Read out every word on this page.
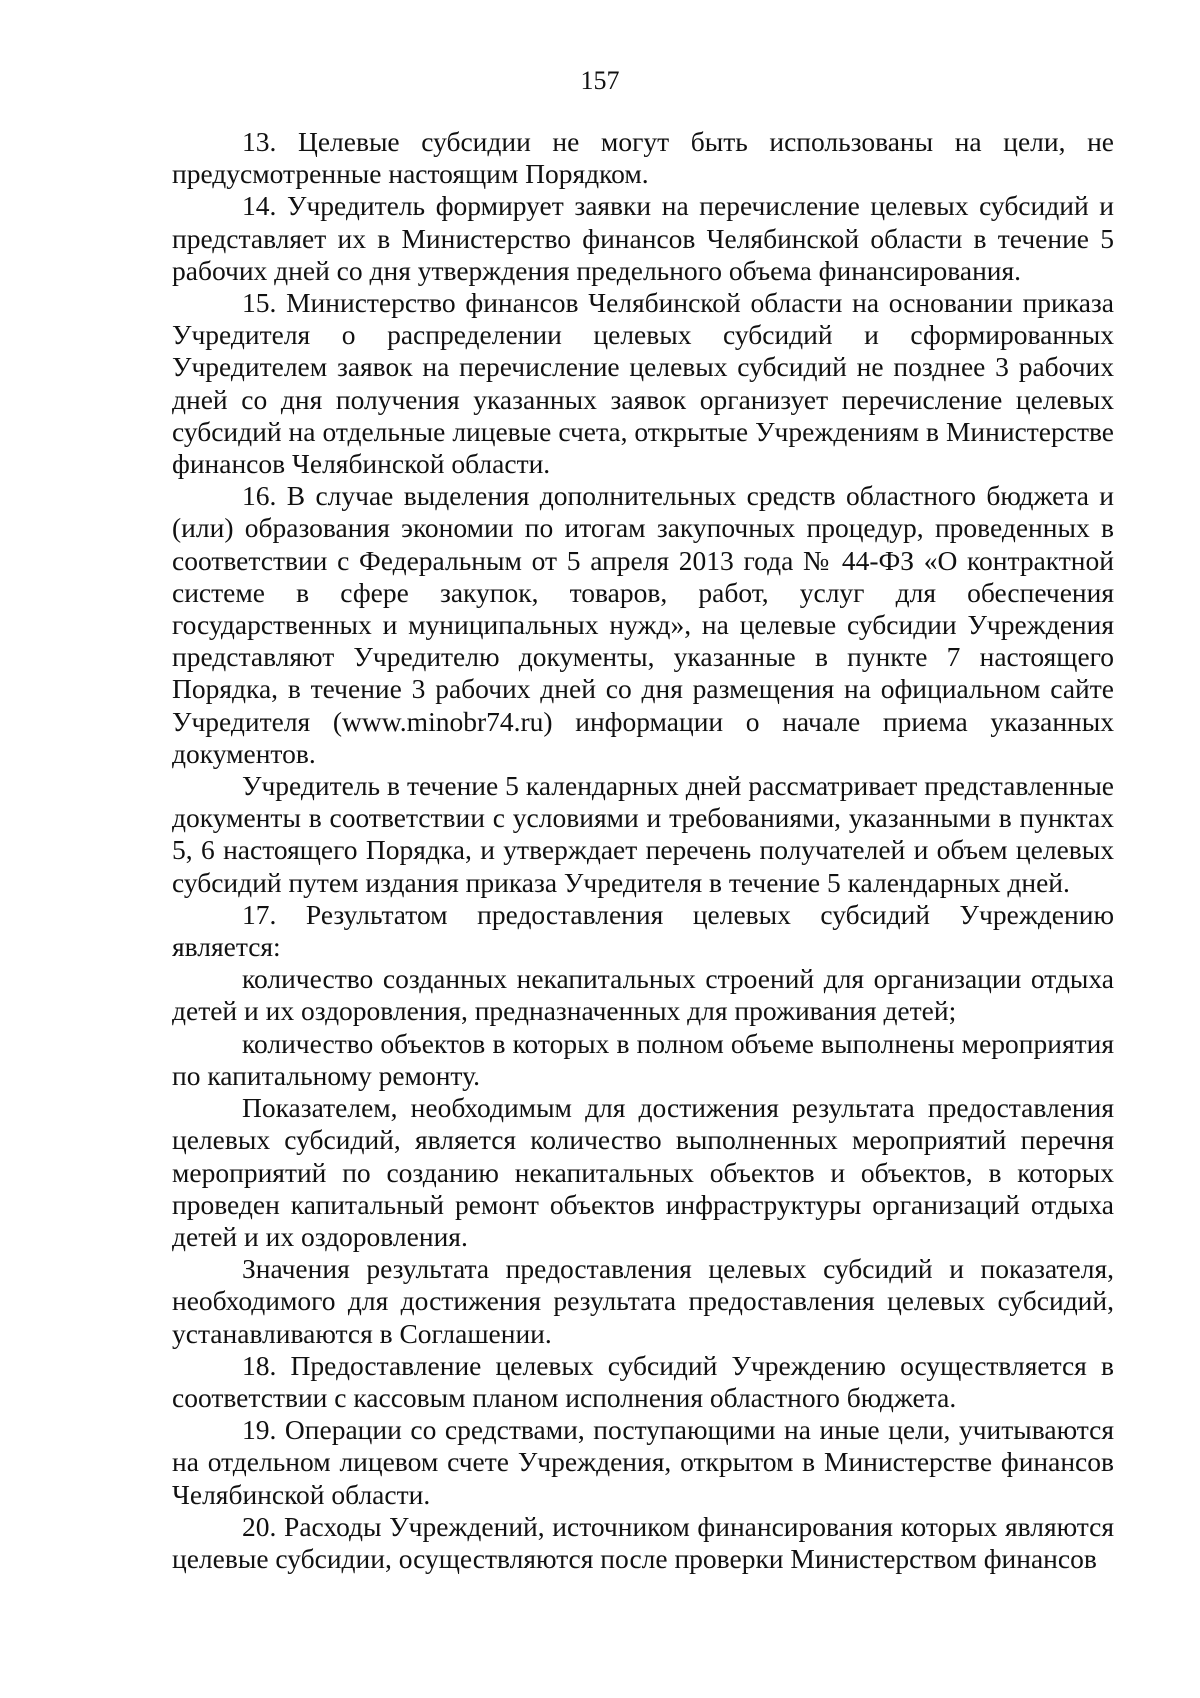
157

13. Целевые субсидии не могут быть использованы на цели, не предусмотренные настоящим Порядком.

14. Учредитель формирует заявки на перечисление целевых субсидий и представляет их в Министерство финансов Челябинской области в течение 5 рабочих дней со дня утверждения предельного объема финансирования.

15. Министерство финансов Челябинской области на основании приказа Учредителя о распределении целевых субсидий и сформированных Учредителем заявок на перечисление целевых субсидий не позднее 3 рабочих дней со дня получения указанных заявок организует перечисление целевых субсидий на отдельные лицевые счета, открытые Учреждениям в Министерстве финансов Челябинской области.

16. В случае выделения дополнительных средств областного бюджета и (или) образования экономии по итогам закупочных процедур, проведенных в соответствии с Федеральным от 5 апреля 2013 года № 44-ФЗ «О контрактной системе в сфере закупок, товаров, работ, услуг для обеспечения государственных и муниципальных нужд», на целевые субсидии Учреждения представляют Учредителю документы, указанные в пункте 7 настоящего Порядка, в течение 3 рабочих дней со дня размещения на официальном сайте Учредителя (www.minobr74.ru) информации о начале приема указанных документов.

Учредитель в течение 5 календарных дней рассматривает представленные документы в соответствии с условиями и требованиями, указанными в пунктах 5, 6 настоящего Порядка, и утверждает перечень получателей и объем целевых субсидий путем издания приказа Учредителя в течение 5 календарных дней.

17. Результатом предоставления целевых субсидий Учреждению является:

количество созданных некапитальных строений для организации отдыха детей и их оздоровления, предназначенных для проживания детей;

количество объектов в которых в полном объеме выполнены мероприятия по капитальному ремонту.

Показателем, необходимым для достижения результата предоставления целевых субсидий, является количество выполненных мероприятий перечня мероприятий по созданию некапитальных объектов и объектов, в которых проведен капитальный ремонт объектов инфраструктуры организаций отдыха детей и их оздоровления.

Значения результата предоставления целевых субсидий и показателя, необходимого для достижения результата предоставления целевых субсидий, устанавливаются в Соглашении.

18. Предоставление целевых субсидий Учреждению осуществляется в соответствии с кассовым планом исполнения областного бюджета.

19. Операции со средствами, поступающими на иные цели, учитываются на отдельном лицевом счете Учреждения, открытом в Министерстве финансов Челябинской области.

20. Расходы Учреждений, источником финансирования которых являются целевые субсидии, осуществляются после проверки Министерством финансов
